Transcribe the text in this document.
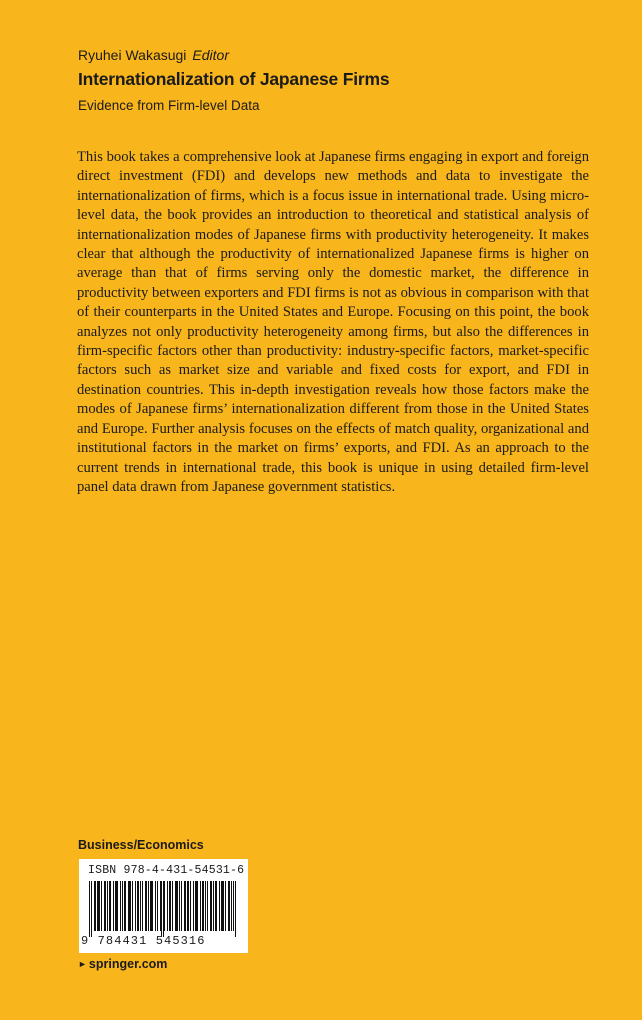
Ryuhei Wakasugi Editor

Internationalization of Japanese Firms

Evidence from Firm-level Data

This book takes a comprehensive look at Japanese firms engaging in export and foreign direct investment (FDI) and develops new methods and data to investigate the internationalization of firms, which is a focus issue in international trade. Using micro-level data, the book provides an introduction to theoretical and statistical analysis of internationalization modes of Japanese firms with productivity heterogeneity. It makes clear that although the productivity of internationalized Japanese firms is higher on average than that of firms serving only the domestic market, the difference in productivity between exporters and FDI firms is not as obvious in comparison with that of their counterparts in the United States and Europe. Focusing on this point, the book analyzes not only productivity heterogeneity among firms, but also the differences in firm-specific factors other than productivity: industry-specific factors, market-specific factors such as market size and variable and fixed costs for export, and FDI in destination countries. This in-depth investigation reveals how those factors make the modes of Japanese firms’ internationalization different from those in the United States and Europe. Further analysis focuses on the effects of match quality, organizational and institutional factors in the market on firms’ exports, and FDI. As an approach to the current trends in international trade, this book is unique in using detailed firm-level panel data drawn from Japanese government statistics.

Business/Economics

ISBN 978-4-431-54531-6
9 784431 545316

► springer.com
